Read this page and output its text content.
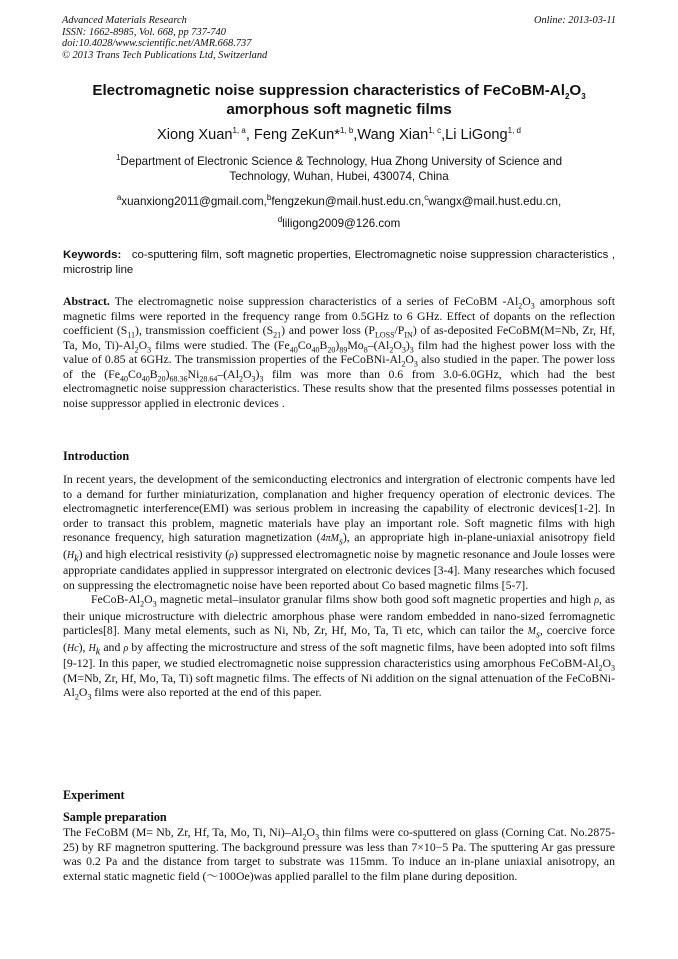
Advanced Materials Research
ISSN: 1662-8985, Vol. 668, pp 737-740
doi:10.4028/www.scientific.net/AMR.668.737
© 2013 Trans Tech Publications Ltd, Switzerland
Online: 2013-03-11
Electromagnetic noise suppression characteristics of FeCoBM-$Al_2O_3$
amorphous soft magnetic films
Xiong Xuan$^{1, a}$, Feng ZeKun*$^{1, b}$,Wang Xian$^{1, c}$,Li LiGong$^{1, d}$
$^1$Department of Electronic Science & Technology, Hua Zhong University of Science and
Technology, Wuhan, Hubei, 430074, China
$^a$xuanxiong2011@gmail.com,$^b$fengzekun@mail.hust.edu.cn,$^c$wangx@mail.hust.edu.cn,
$^d$liligong2009@126.com
Keywords: co-sputtering film, soft magnetic properties, Electromagnetic noise suppression characteristics , microstrip line

Abstract. The electromagnetic noise suppression characteristics of a series of FeCoBM $-Al_2O_3$ amorphous soft magnetic films were reported in the frequency range from 0.5GHz to 6 GHz. Effect of dopants on the reflection coefficient $(S_{11})$, transmission coefficient $(S_{21})$ and power loss $(P_{LOSS}/P_{IN})$ of as-deposited FeCoBM(M=Nb, Zr, Hf, Ta, Mo, $Ti)-Al_2O_3$ films were studied. The $(Fe_{40}Co_{40}B_{20})_{89}Mo_8-(Al_2O_3)_3$ film had the highest power loss with the value of 0.85 at 6GHz. The transmission properties of the FeCoBNi-$Al_2O_3$ also studied in the paper. The power loss of the $(Fe_{40}Co_{40}B_{20})_{68.36}Ni_{28.64}-(Al_2O_3)_3$ film was more than 0.6 from 3.0-6.0GHz, which had the best electromagnetic noise suppression characteristics. These results show that the presented films possesses potential in noise suppressor applied in electronic devices .

Introduction

In recent years, the development of the semiconducting electronics and intergration of electronic compents have led to a demand for further miniaturization, complanation and higher frequency operation of electronic devices. The electromagnetic interference(EMI) was serious problem in increasing the capability of electronic devices[1-2]. In order to transact this problem, magnetic materials have play an important role. Soft magnetic films with high resonance frequency, high saturation magnetization $(4\pi M_s)$, an appropriate high in-plane-uniaxial anisotropy field $(H_k)$ and high electrical resistivity (ρ) suppressed electromagnetic noise by magnetic resonance and Joule losses were appropriate candidates applied in suppressor intergrated on electronic devices [3-4]. Many researches which focused on suppressing the electromagnetic noise have been reported about Co based magnetic films [5-7].

FeCoB-$Al_2O_3$ magnetic metal–insulator granular films show both good soft magnetic properties and high ρ, as their unique microstructure with dielectric amorphous phase were random embedded in nano-sized ferromagnetic particles[8]. Many metal elements, such as Ni, Nb, Zr, Hf, Mo, Ta, Ti etc, which can tailor the $M_s$, coercive force (Hc), $H_k$ and ρ by affecting the microstructure and stress of the soft magnetic films, have been adopted into soft films [9-12]. In this paper, we studied electromagnetic noise suppression characteristics using amorphous FeCoBM-$Al_2O_3$ (M=Nb, Zr, Hf, Mo, Ta, Ti) soft magnetic films. The effects of Ni addition on the signal attenuation of the FeCoBNi-$Al_2O_3$ films were also reported at the end of this paper.

Experiment
Sample preparation

The FeCoBM (M= Nb, Zr, Hf, Ta, Mo, Ti, $Ni)-Al_2O_3$ thin films were co-sputtered on glass (Corning Cat. No.2875-25) by RF magnetron sputtering. The background pressure was less than 7×10−5 Pa. The sputtering Ar gas pressure was 0.2 Pa and the distance from target to substrate was 115mm. To induce an in-plane uniaxial anisotropy, an external static magnetic field (～100Oe)was applied parallel to the film plane during deposition.
